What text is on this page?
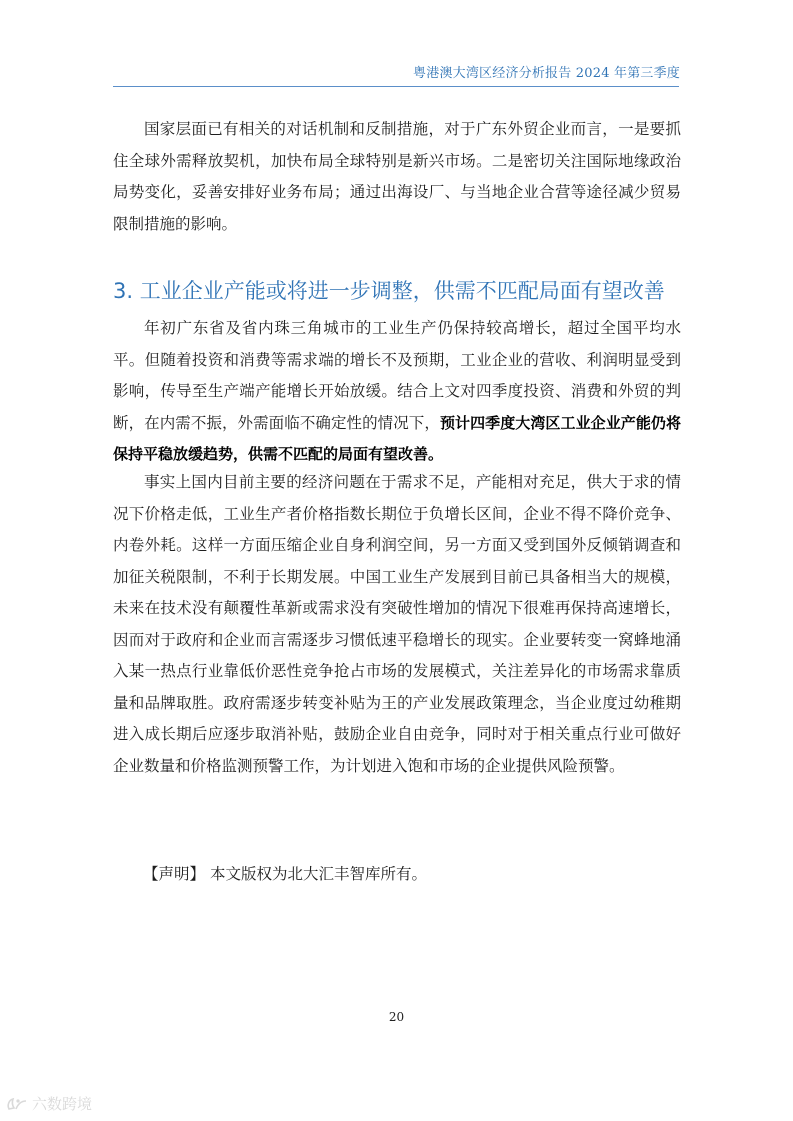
粤港澳大湾区经济分析报告 2024 年第三季度

国家层面已有相关的对话机制和反制措施，对于广东外贸企业而言，一是要抓住全球外需释放契机，加快布局全球特别是新兴市场。二是密切关注国际地缘政治局势变化，妥善安排好业务布局；通过出海设厂、与当地企业合营等途径减少贸易限制措施的影响。

3. 工业企业产能或将进一步调整，供需不匹配局面有望改善

年初广东省及省内珠三角城市的工业生产仍保持较高增长，超过全国平均水平。但随着投资和消费等需求端的增长不及预期，工业企业的营收、利润明显受到影响，传导至生产端产能增长开始放缓。结合上文对四季度投资、消费和外贸的判断，在内需不振，外需面临不确定性的情况下，预计四季度大湾区工业企业产能仍将保持平稳放缓趋势，供需不匹配的局面有望改善。

事实上国内目前主要的经济问题在于需求不足，产能相对充足，供大于求的情况下价格走低，工业生产者价格指数长期位于负增长区间，企业不得不降价竞争、内卷外耗。这样一方面压缩企业自身利润空间，另一方面又受到国外反倾销调查和加征关税限制，不利于长期发展。中国工业生产发展到目前已具备相当大的规模，未来在技术没有颠覆性革新或需求没有突破性增加的情况下很难再保持高速增长，因而对于政府和企业而言需逐步习惯低速平稳增长的现实。企业要转变一窝蜂地涌入某一热点行业靠低价恶性竞争抢占市场的发展模式，关注差异化的市场需求靠质量和品牌取胜。政府需逐步转变补贴为王的产业发展政策理念，当企业度过幼稚期进入成长期后应逐步取消补贴，鼓励企业自由竞争，同时对于相关重点行业可做好企业数量和价格监测预警工作，为计划进入饱和市场的企业提供风险预警。

【声明】 本文版权为北大汇丰智库所有。
20
六数跨境
